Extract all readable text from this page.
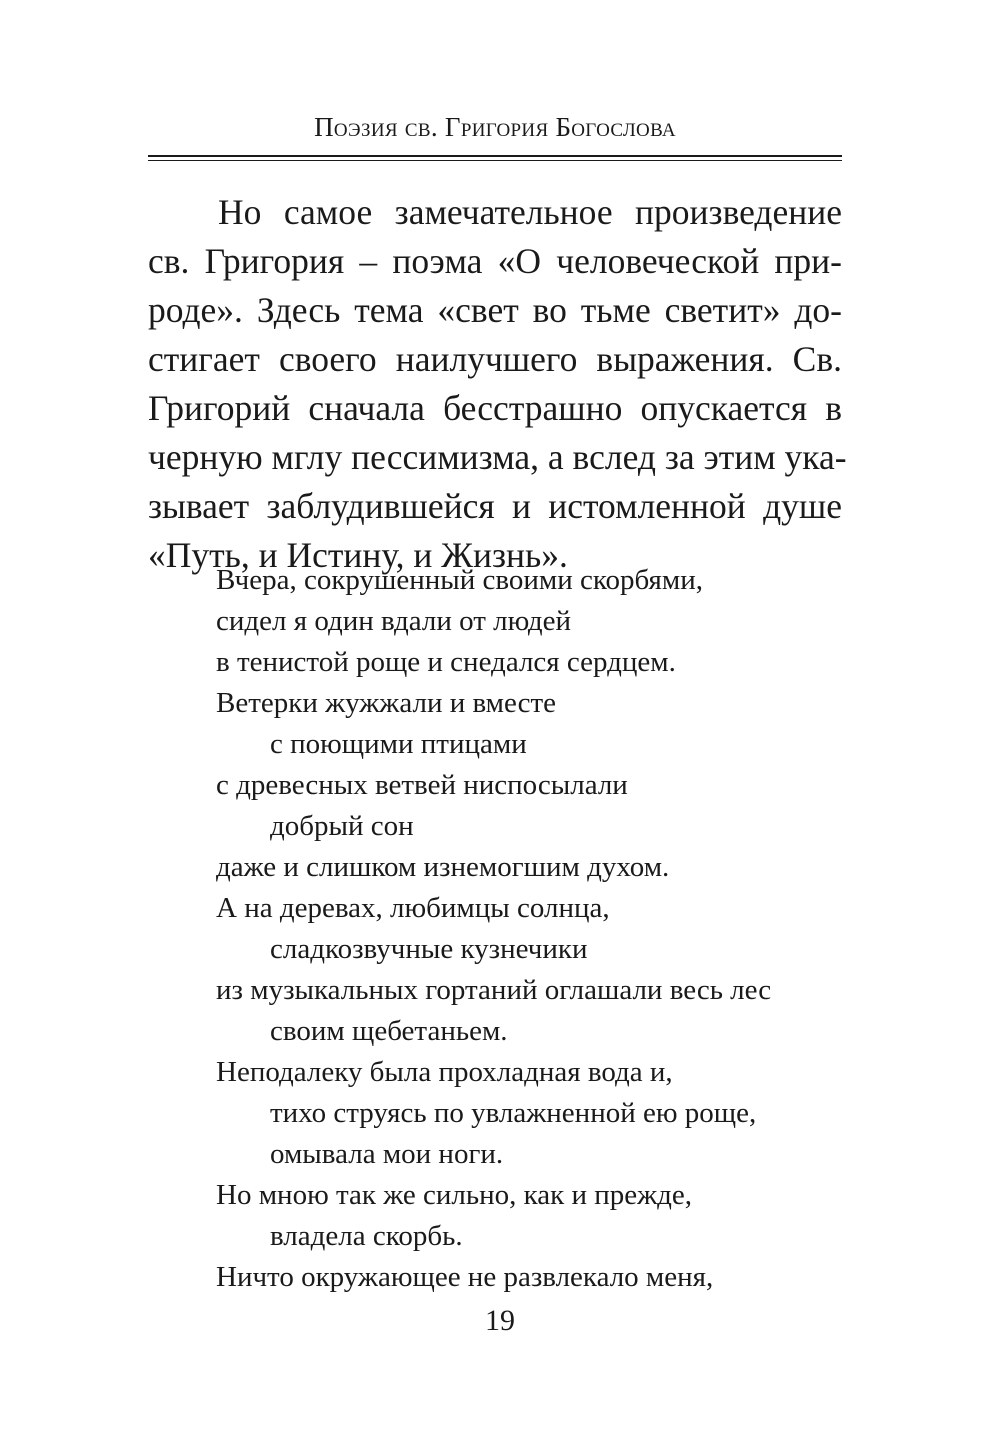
Поэзия св. Григория Богослова
Но самое замечательное произведение
св. Григория – поэма «О человеческой при-
роде». Здесь тема «свет во тьме светит» до-
стигает своего наилучшего выражения. Св.
Григорий сначала бесстрашно опускается в
черную мглу пессимизма, а вслед за этим ука-
зывает заблудившейся и истомленной душе
«Путь, и Истину, и Жизнь».
Вчера, сокрушенный своими скорбями,
сидел я один вдали от людей
в тенистой роще и снедался сердцем.
Ветерки жужжали и вместе
с поющими птицами
с древесных ветвей ниспосылали
добрый сон
даже и слишком изнемогшим духом.
А на деревах, любимцы солнца,
сладкозвучные кузнечики
из музыкальных гортаний оглашали весь лес
своим щебетаньем.
Неподалеку была прохладная вода и,
тихо струясь по увлажненной ею роще,
омывала мои ноги.
Но мною так же сильно, как и прежде,
владела скорбь.
Ничто окружающее не развлекало меня,
19
